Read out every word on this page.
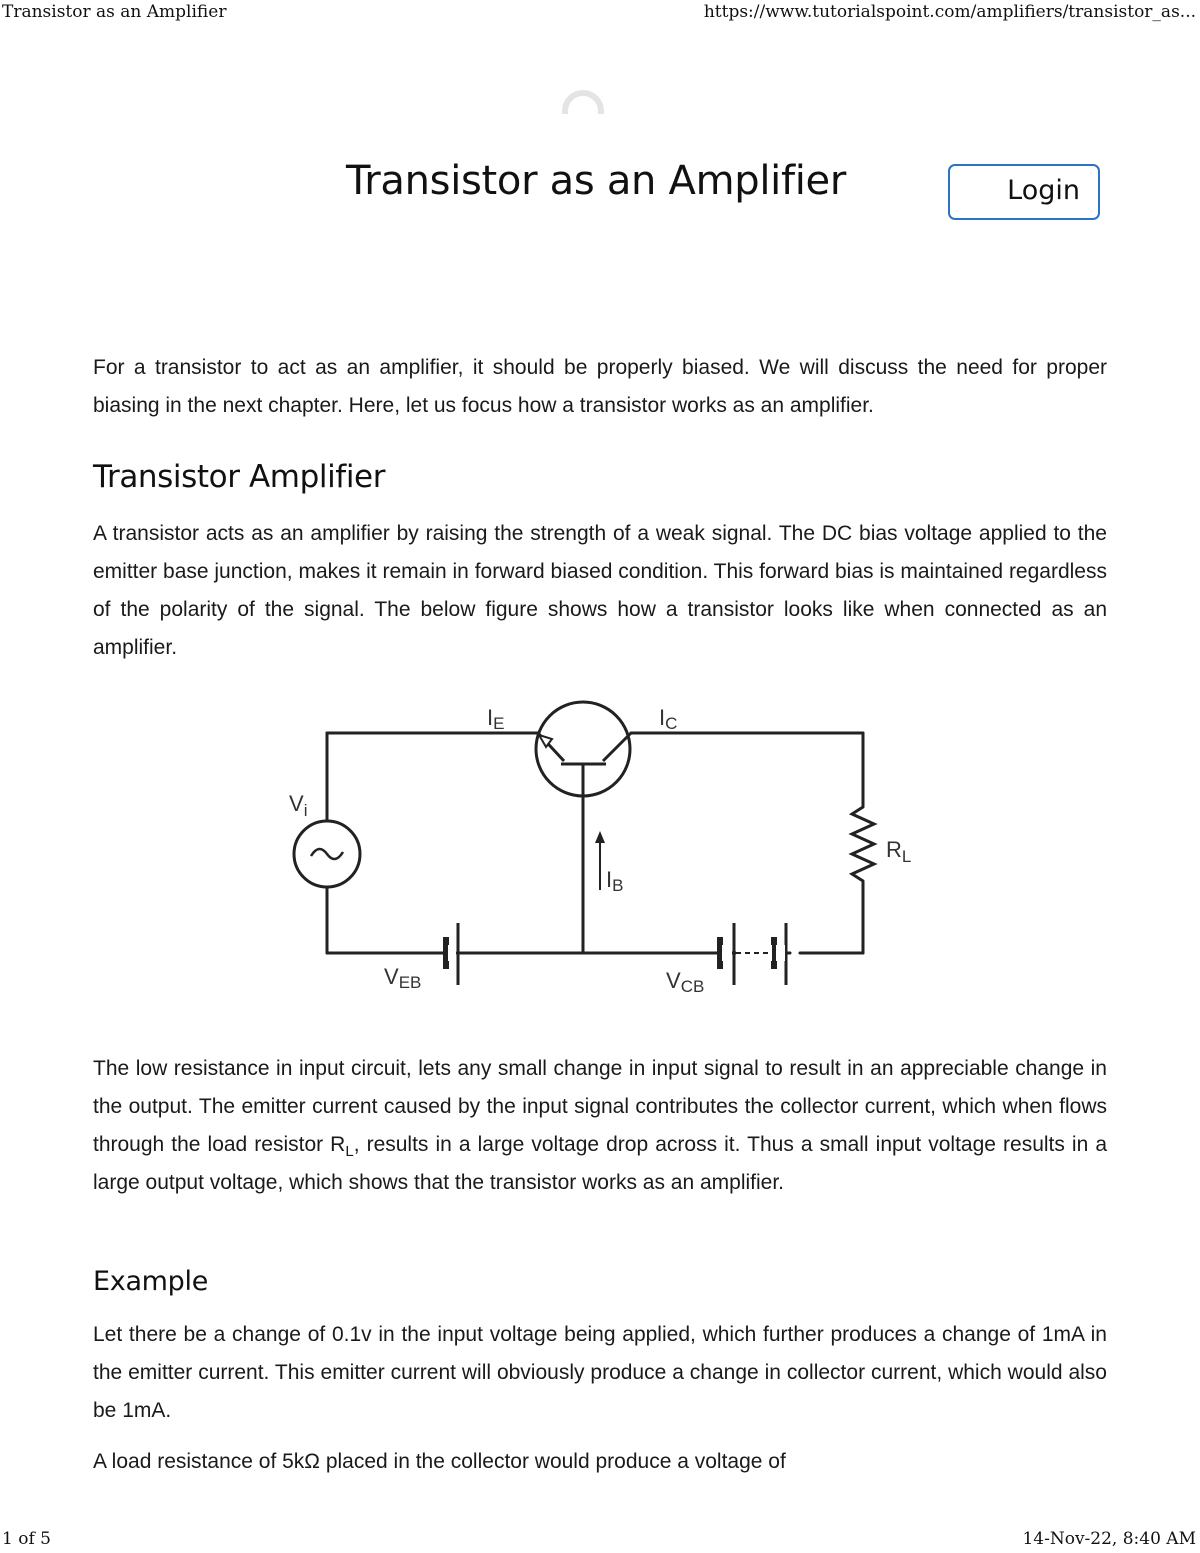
Transistor as an Amplifier	https://www.tutorialspoint.com/amplifiers/transistor_as...
Transistor as an Amplifier	Login

For a transistor to act as an amplifier, it should be properly biased. We will discuss the need for proper biasing in the next chapter. Here, let us focus how a transistor works as an amplifier.

Transistor Amplifier

A transistor acts as an amplifier by raising the strength of a weak signal. The DC bias voltage applied to the emitter base junction, makes it remain in forward biased condition. This forward bias is maintained regardless of the polarity of the signal. The below figure shows how a transistor looks like when connected as an amplifier.

IE	IC
$V_i$
$R_L$
IB
VEB	VCB

The low resistance in input circuit, lets any small change in input signal to result in an appreciable change in the output. The emitter current caused by the input signal contributes the collector current, which when flows through the load resistor $R_L$, results in a large voltage drop across it. Thus a small input voltage results in a large output voltage, which shows that the transistor works as an amplifier.

Example

Let there be a change of 0.1v in the input voltage being applied, which further produces a change of 1mA in the emitter current. This emitter current will obviously produce a change in collector current, which would also be 1mA.

A load resistance of 5kΩ placed in the collector would produce a voltage of

1 of 5	14-Nov-22, 8:40 AM
